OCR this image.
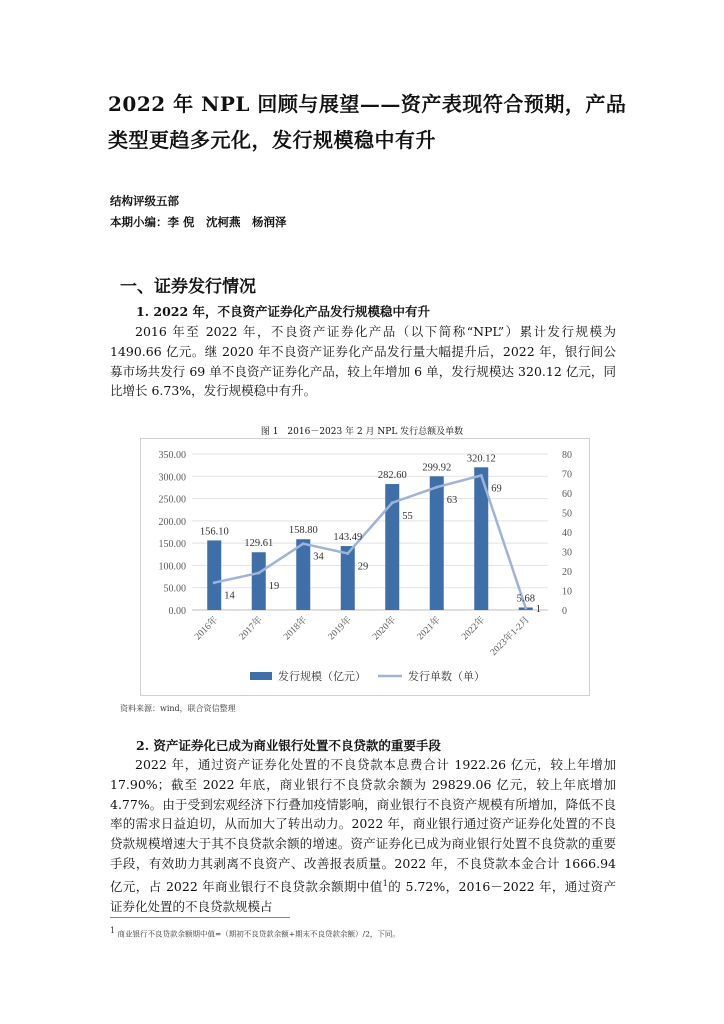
2022 年 NPL 回顾与展望——资产表现符合预期，产品类型更趋多元化，发行规模稳中有升
结构评级五部
本期小编：李 倪　沈柯燕　杨润泽
一、证券发行情况
1. 2022 年，不良资产证券化产品发行规模稳中有升
2016 年至 2022 年，不良资产证券化产品（以下简称“NPL”）累计发行规模为 1490.66 亿元。继 2020 年不良资产证券化产品发行量大幅提升后，2022 年，银行间公募市场共发行 69 单不良资产证券化产品，较上年增加 6 单，发行规模达 320.12 亿元，同比增长 6.73%，发行规模稳中有升。
图 1　2016－2023 年 2 月 NPL 发行总额及单数
0.00
50.00
100.00
150.00
200.00
250.00
300.00
350.00
0
10
20
30
40
50
60
70
80
156.10
129.61
158.80
143.49
282.60
299.92
320.12
5.68
14
19
34
29
55
63
69
1
2016年 2017年 2018年 2019年 2020年 2021年 2022年 2023年1-2月
发行规模（亿元）	发行单数（单）
资料来源：wind，联合资信整理
2. 资产证券化已成为商业银行处置不良贷款的重要手段
2022 年，通过资产证券化处置的不良贷款本息费合计 1922.26 亿元，较上年增加 17.90%；截至 2022 年底，商业银行不良贷款余额为 29829.06 亿元，较上年底增加 4.77%。由于受到宏观经济下行叠加疫情影响，商业银行不良资产规模有所增加，降低不良率的需求日益迫切，从而加大了转出动力。2022 年，商业银行通过资产证券化处置的不良贷款规模增速大于其不良贷款余额的增速。资产证券化已成为商业银行处置不良贷款的重要手段，有效助力其剥离不良资产、改善报表质量。2022 年，不良贷款本金合计 1666.94 亿元，占 2022 年商业银行不良贷款余额期中值$^1$的 5.72%，2016－2022 年，通过资产证券化处置的不良贷款规模占
$^1$ 商业银行不良贷款余额期中值=（期初不良贷款余额+期末不良贷款余额）/2，下同。
